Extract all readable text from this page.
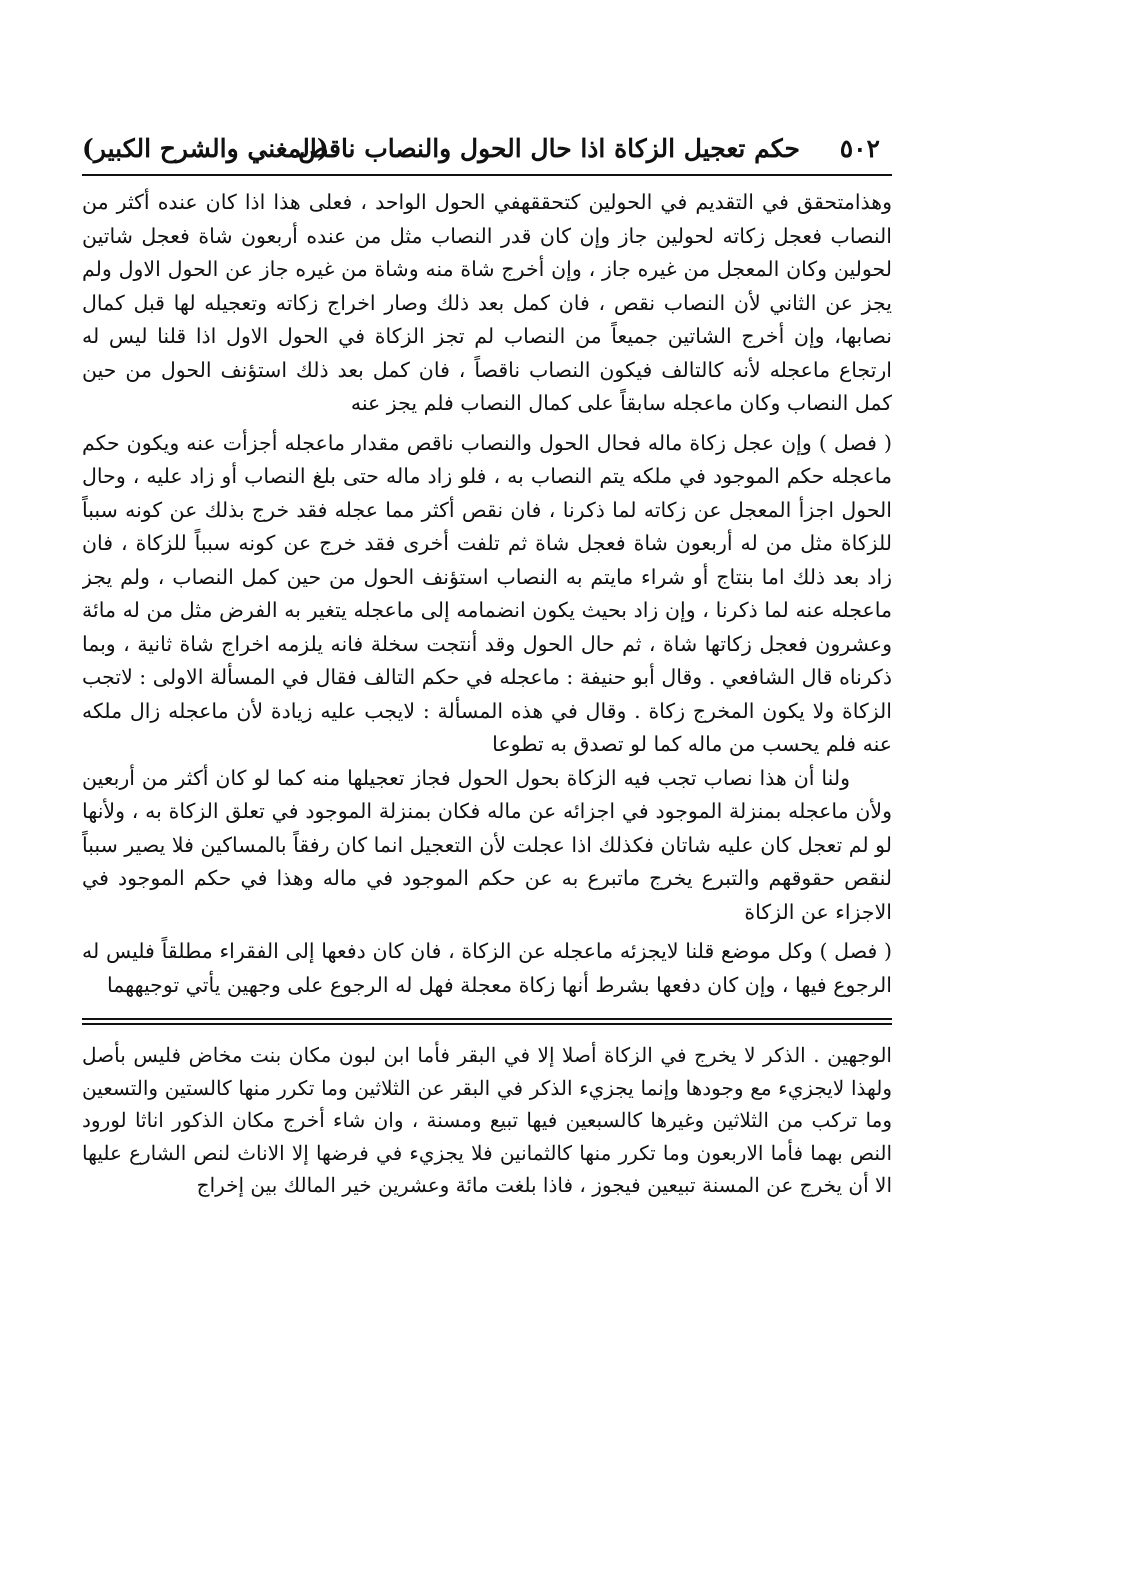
٥٠٢
حكم تعجيل الزكاة اذا حال الحول والنصاب ناقص
(المغني والشرح الكبير)

وهذامتحقق في التقديم في الحولين كتحققهفي الحول الواحد ، فعلى هذا اذا كان عنده أكثر من النصاب فعجل زكاته لحولين جاز وإن كان قدر النصاب مثل من عنده أربعون شاة فعجل شاتين لحولين وكان المعجل من غيره جاز ، وإن أخرج شاة منه وشاة من غيره جاز عن الحول الاول ولم يجز عن الثاني لأن النصاب نقص ، فان كمل بعد ذلك وصار اخراج زكاته وتعجيله لها قبل كمال نصابها، وإن أخرج الشاتين جميعاً من النصاب لم تجز الزكاة في الحول الاول اذا قلنا ليس له ارتجاع ماعجله لأنه كالتالف فيكون النصاب ناقصاً ، فان كمل بعد ذلك استؤنف الحول من حين كمل النصاب وكان ماعجله سابقاً على كمال النصاب فلم يجز عنه

( فصل ) وإن عجل زكاة ماله فحال الحول والنصاب ناقص مقدار ماعجله أجزأت عنه ويكون حكم ماعجله حكم الموجود في ملكه يتم النصاب به ، فلو زاد ماله حتى بلغ النصاب أو زاد عليه ، وحال الحول اجزأ المعجل عن زكاته لما ذكرنا ، فان نقص أكثر مما عجله فقد خرج بذلك عن كونه سبباً للزكاة مثل من له أربعون شاة فعجل شاة ثم تلفت أخرى فقد خرج عن كونه سبباً للزكاة ، فان زاد بعد ذلك اما بنتاج أو شراء مايتم به النصاب استؤنف الحول من حين كمل النصاب ، ولم يجز ماعجله عنه لما ذكرنا ، وإن زاد بحيث يكون انضمامه إلى ماعجله يتغير به الفرض مثل من له مائة وعشرون فعجل زكاتها شاة ، ثم حال الحول وقد أنتجت سخلة فانه يلزمه اخراج شاة ثانية ، وبما ذكرناه قال الشافعي . وقال أبو حنيفة : ماعجله في حكم التالف فقال في المسألة الاولى : لاتجب الزكاة ولا يكون المخرج زكاة . وقال في هذه المسألة : لايجب عليه زيادة لأن ماعجله زال ملكه عنه فلم يحسب من ماله كما لو تصدق به تطوعا

ولنا أن هذا نصاب تجب فيه الزكاة بحول الحول فجاز تعجيلها منه كما لو كان أكثر من أربعين ولأن ماعجله بمنزلة الموجود في اجزائه عن ماله فكان بمنزلة الموجود في تعلق الزكاة به ، ولأنها لو لم تعجل كان عليه شاتان فكذلك اذا عجلت لأن التعجيل انما كان رفقاً بالمساكين فلا يصير سبباً لنقص حقوقهم والتبرع يخرج ماتبرع به عن حكم الموجود في ماله وهذا في حكم الموجود في الاجزاء عن الزكاة

( فصل ) وكل موضع قلنا لايجزئه ماعجله عن الزكاة ، فان كان دفعها إلى الفقراء مطلقاً فليس له الرجوع فيها ، وإن كان دفعها بشرط أنها زكاة معجلة فهل له الرجوع على وجهين يأتي توجيههما

الوجهين . الذكر لا يخرج في الزكاة أصلا إلا في البقر فأما ابن لبون مكان بنت مخاض فليس بأصل ولهذا لايجزيء مع وجودها وإنما يجزيء الذكر في البقر عن الثلاثين وما تكرر منها كالستين والتسعين وما تركب من الثلاثين وغيرها كالسبعين فيها تبيع ومسنة ، وان شاء أخرج مكان الذكور اناثا لورود النص بهما فأما الاربعون وما تكرر منها كالثمانين فلا يجزيء في فرضها إلا الاناث لنص الشارع عليها الا أن يخرج عن المسنة تبيعين فيجوز ، فاذا بلغت مائة وعشرين خير المالك بين إخراج
